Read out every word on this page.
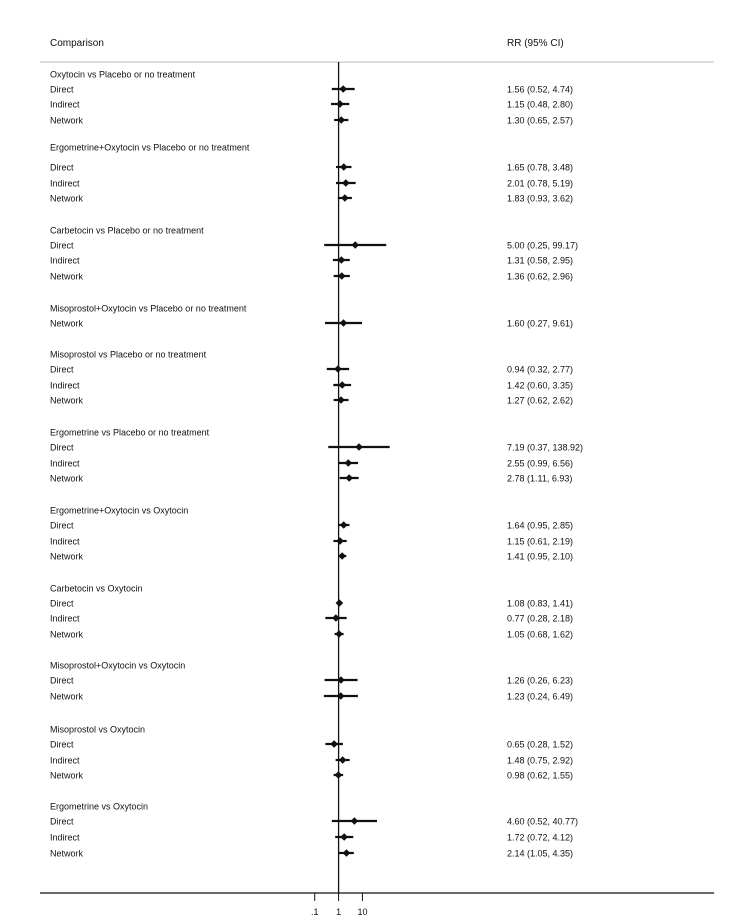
Comparison	RR (95% CI)
.1 1 10
Oxytocin vs Placebo or no treatment
Direct	1.56 (0.52, 4.74)
Indirect	1.15 (0.48, 2.80)
Network	1.30 (0.65, 2.57)
Ergometrine+Oxytocin vs Placebo or no treatment
Direct	1.65 (0.78, 3.48)
Indirect	2.01 (0.78, 5.19)
Network	1.83 (0.93, 3.62)
Carbetocin vs Placebo or no treatment
Direct	5.00 (0.25, 99.17)
Indirect	1.31 (0.58, 2.95)
Network	1.36 (0.62, 2.96)
Misoprostol+Oxytocin vs Placebo or no treatment
Network	1.60 (0.27, 9.61)
Misoprostol vs Placebo or no treatment
Direct	0.94 (0.32, 2.77)
Indirect	1.42 (0.60, 3.35)
Network	1.27 (0.62, 2.62)
Ergometrine vs Placebo or no treatment
Direct	7.19 (0.37, 138.92)
Indirect	2.55 (0.99, 6.56)
Network	2.78 (1.11, 6.93)
Ergometrine+Oxytocin vs Oxytocin
Direct	1.64 (0.95, 2.85)
Indirect	1.15 (0.61, 2.19)
Network	1.41 (0.95, 2.10)
Carbetocin vs Oxytocin
Direct	1.08 (0.83, 1.41)
Indirect	0.77 (0.28, 2.18)
Network	1.05 (0.68, 1.62)
Misoprostol+Oxytocin vs Oxytocin
Direct	1.26 (0.26, 6.23)
Network	1.23 (0.24, 6.49)
Misoprostol vs Oxytocin
Direct	0.65 (0.28, 1.52)
Indirect	1.48 (0.75, 2.92)
Network	0.98 (0.62, 1.55)
Ergometrine vs Oxytocin
Direct	4.60 (0.52, 40.77)
Indirect	1.72 (0.72, 4.12)
Network	2.14 (1.05, 4.35)
